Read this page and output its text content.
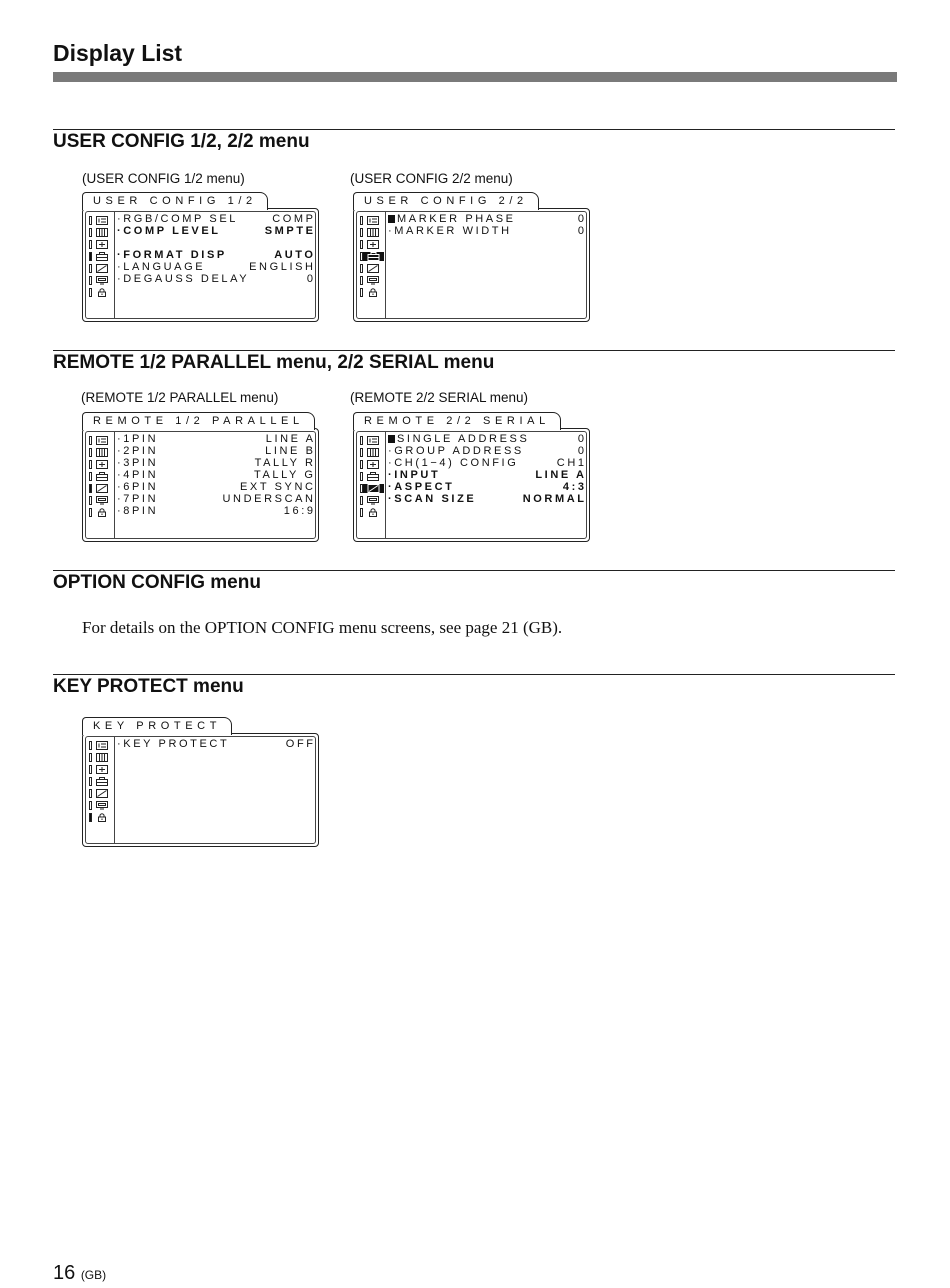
Display List
USER CONFIG 1/2, 2/2 menu
(USER CONFIG 1/2 menu)	(USER CONFIG 2/2 menu)
USER CONFIG 1/2
·RGB/COMP SEL	COMP
·COMP LEVEL	SMPTE
·FORMAT DISP	AUTO
·LANGUAGE	ENGLISH
·DEGAUSS DELAY	0
USER CONFIG 2/2
MARKER PHASE	0
·MARKER WIDTH	0
REMOTE 1/2 PARALLEL menu, 2/2 SERIAL menu
(REMOTE 1/2 PARALLEL menu)	(REMOTE 2/2 SERIAL menu)
REMOTE 1/2 PARALLEL
·1PIN	LINE A
·2PIN	LINE B
·3PIN	TALLY R
·4PIN	TALLY G
·6PIN	EXT SYNC
·7PIN	UNDERSCAN
·8PIN	16:9
REMOTE 2/2 SERIAL
SINGLE ADDRESS	0
·GROUP ADDRESS	0
·CH(1−4) CONFIG	CH1
·INPUT	LINE A
·ASPECT	4:3
·SCAN SIZE	NORMAL
OPTION CONFIG menu

For details on the OPTION CONFIG menu screens, see page 21 (GB).

KEY PROTECT menu
KEY PROTECT
·KEY PROTECT	OFF
16 (GB)
